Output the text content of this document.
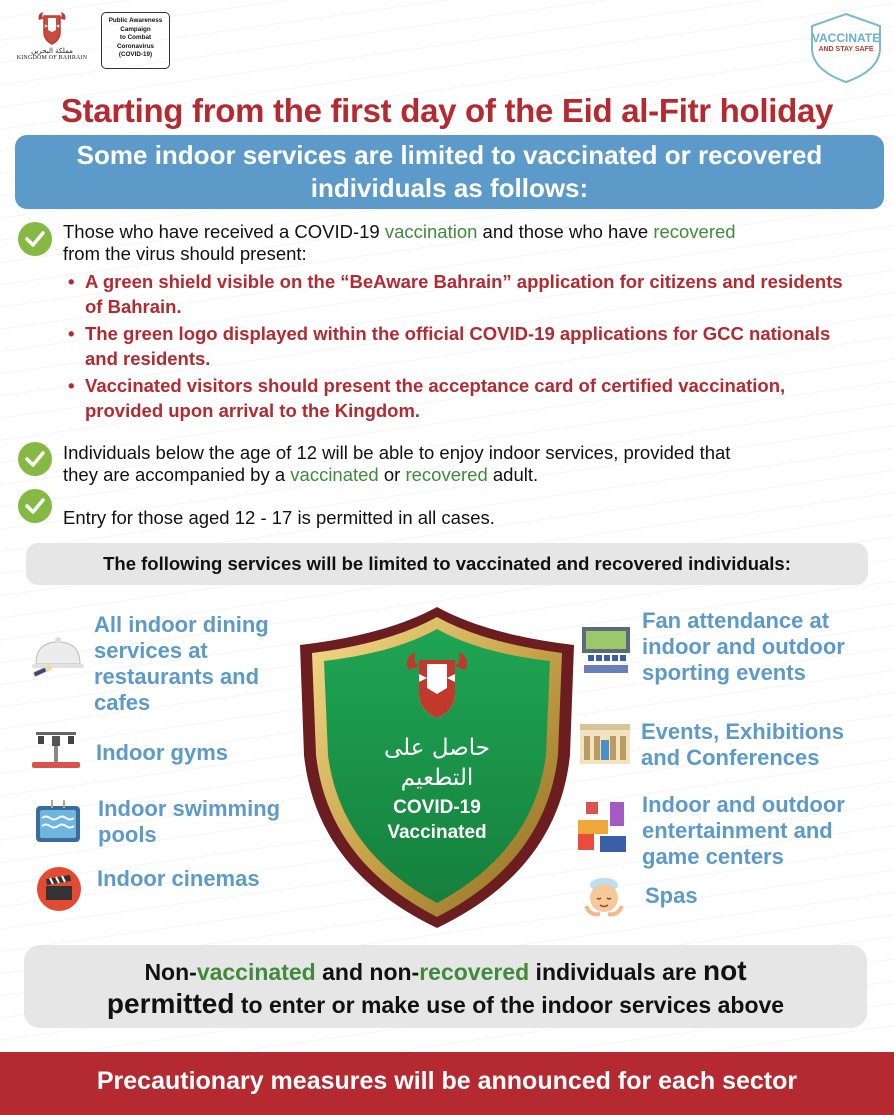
مملكة البحرين
KINGDOM OF BAHRAIN
Public Awareness
Campaign
to Combat
Coronavirus
(COVID-19)
VACCINATE
AND STAY SAFE
Starting from the first day of the Eid al-Fitr holiday
Some indoor services are limited to vaccinated or recovered
individuals as follows:
Those who have received a COVID-19 vaccination and those who have recovered
from the virus should present:
• A green shield visible on the “BeAware Bahrain” application for citizens and residents of Bahrain.
• The green logo displayed within the official COVID-19 applications for GCC nationals and residents.
• Vaccinated visitors should present the acceptance card of certified vaccination, provided upon arrival to the Kingdom.
Individuals below the age of 12 will be able to enjoy indoor services, provided that
they are accompanied by a vaccinated or recovered adult.
Entry for those aged 12 - 17 is permitted in all cases.
The following services will be limited to vaccinated and recovered individuals:
All indoor dining services at restaurants and cafes
Indoor gyms
Indoor swimming pools
Indoor cinemas
حاصل على
التطعيم
COVID-19
Vaccinated
Fan attendance at indoor and outdoor sporting events
Events, Exhibitions and Conferences
Indoor and outdoor entertainment and game centers
Spas
Non-vaccinated and non-recovered individuals are not
permitted to enter or make use of the indoor services above
Precautionary measures will be announced for each sector
